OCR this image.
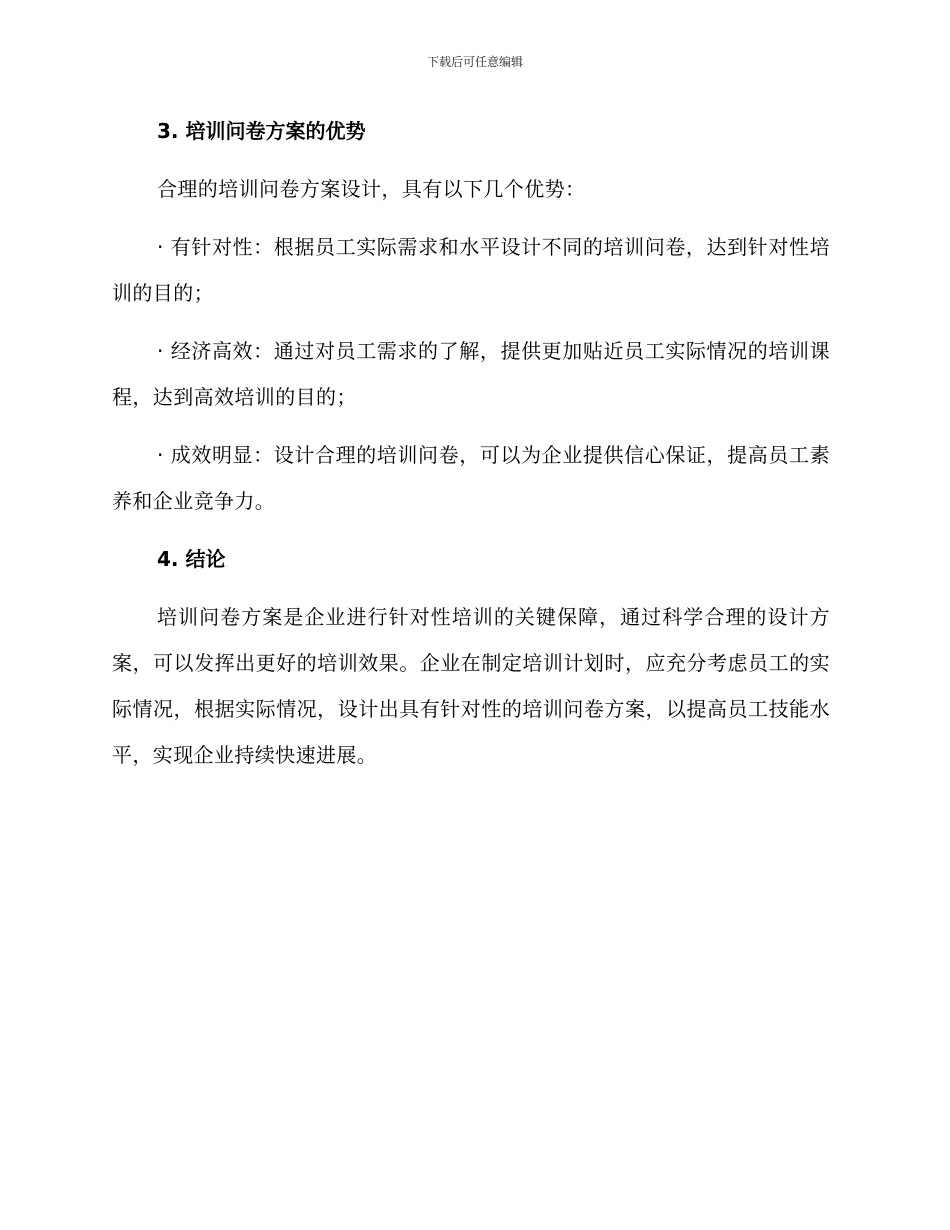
下载后可任意编辑
3. 培训问卷方案的优势

合理的培训问卷方案设计，具有以下几个优势：

· 有针对性：根据员工实际需求和水平设计不同的培训问卷，达到针对性培训的目的；

· 经济高效：通过对员工需求的了解，提供更加贴近员工实际情况的培训课程，达到高效培训的目的；

· 成效明显：设计合理的培训问卷，可以为企业提供信心保证，提高员工素养和企业竞争力。

4. 结论

培训问卷方案是企业进行针对性培训的关键保障，通过科学合理的设计方案，可以发挥出更好的培训效果。企业在制定培训计划时，应充分考虑员工的实际情况，根据实际情况，设计出具有针对性的培训问卷方案，以提高员工技能水平，实现企业持续快速进展。
